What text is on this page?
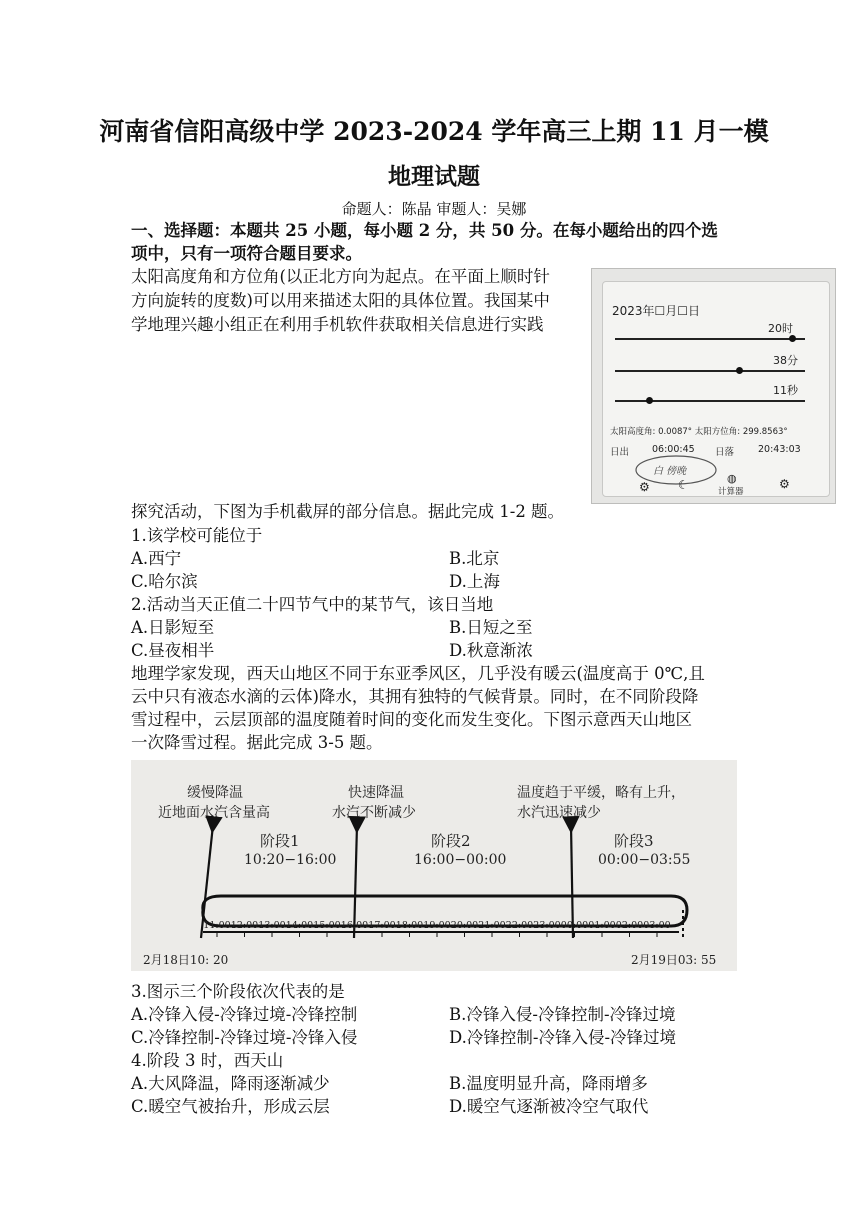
河南省信阳高级中学 2023-2024 学年高三上期 11 月一模
地理试题
命题人：陈晶 审题人：吴娜
一、选择题：本题共 25 小题，每小题 2 分，共 50 分。在每小题给出的四个选
项中，只有一项符合题目要求。
太阳高度角和方位角(以正北方向为起点。在平面上顺时针
方向旋转的度数)可以用来描述太阳的具体位置。我国某中
学地理兴趣小组正在利用手机软件获取相关信息进行实践
2023年☐月☐日
20时
38分
11秒
太阳高度角: 0.0087° 太阳方位角: 299.8563°
日出 06:00:45 日落	20:43:03
白 傍晚
⚙ ☾	◍
计算器
⚙
探究活动，下图为手机截屏的部分信息。据此完成 1-2 题。
1.该学校可能位于
A.西宁	B.北京
C.哈尔滨	D.上海
2.活动当天正值二十四节气中的某节气，该日当地
A.日影短至	B.日短之至
C.昼夜相半	D.秋意渐浓
地理学家发现，西天山地区不同于东亚季风区，几乎没有暖云(温度高于 0℃,且
云中只有液态水滴的云体)降水，其拥有独特的气候背景。同时，在不同阶段降
雪过程中，云层顶部的温度随着时间的变化而发生变化。下图示意西天山地区
一次降雪过程。据此完成 3-5 题。
缓慢降温
近地面水汽含量高
快速降温
水汽不断减少
温度趋于平缓，略有上升，
水汽迅速减少
阶段1
10:20−16:00
阶段2
16:00−00:00
阶段3
00:00−03:55
11:00 12:00 13:00 14:00 15:00 16:00 17:00 18:00 19:00 20:00 21:00 22:00 23:00 00:00 01:00 02:00 03:00
2月18日10: 20	2月19日03: 55
3.图示三个阶段依次代表的是
A.冷锋入侵-冷锋过境-冷锋控制	B.冷锋入侵-冷锋控制-冷锋过境
C.冷锋控制-冷锋过境-冷锋入侵	D.冷锋控制-冷锋入侵-冷锋过境
4.阶段 3 时，西天山
A.大风降温，降雨逐渐减少	B.温度明显升高，降雨增多
C.暖空气被抬升，形成云层	D.暖空气逐渐被冷空气取代
